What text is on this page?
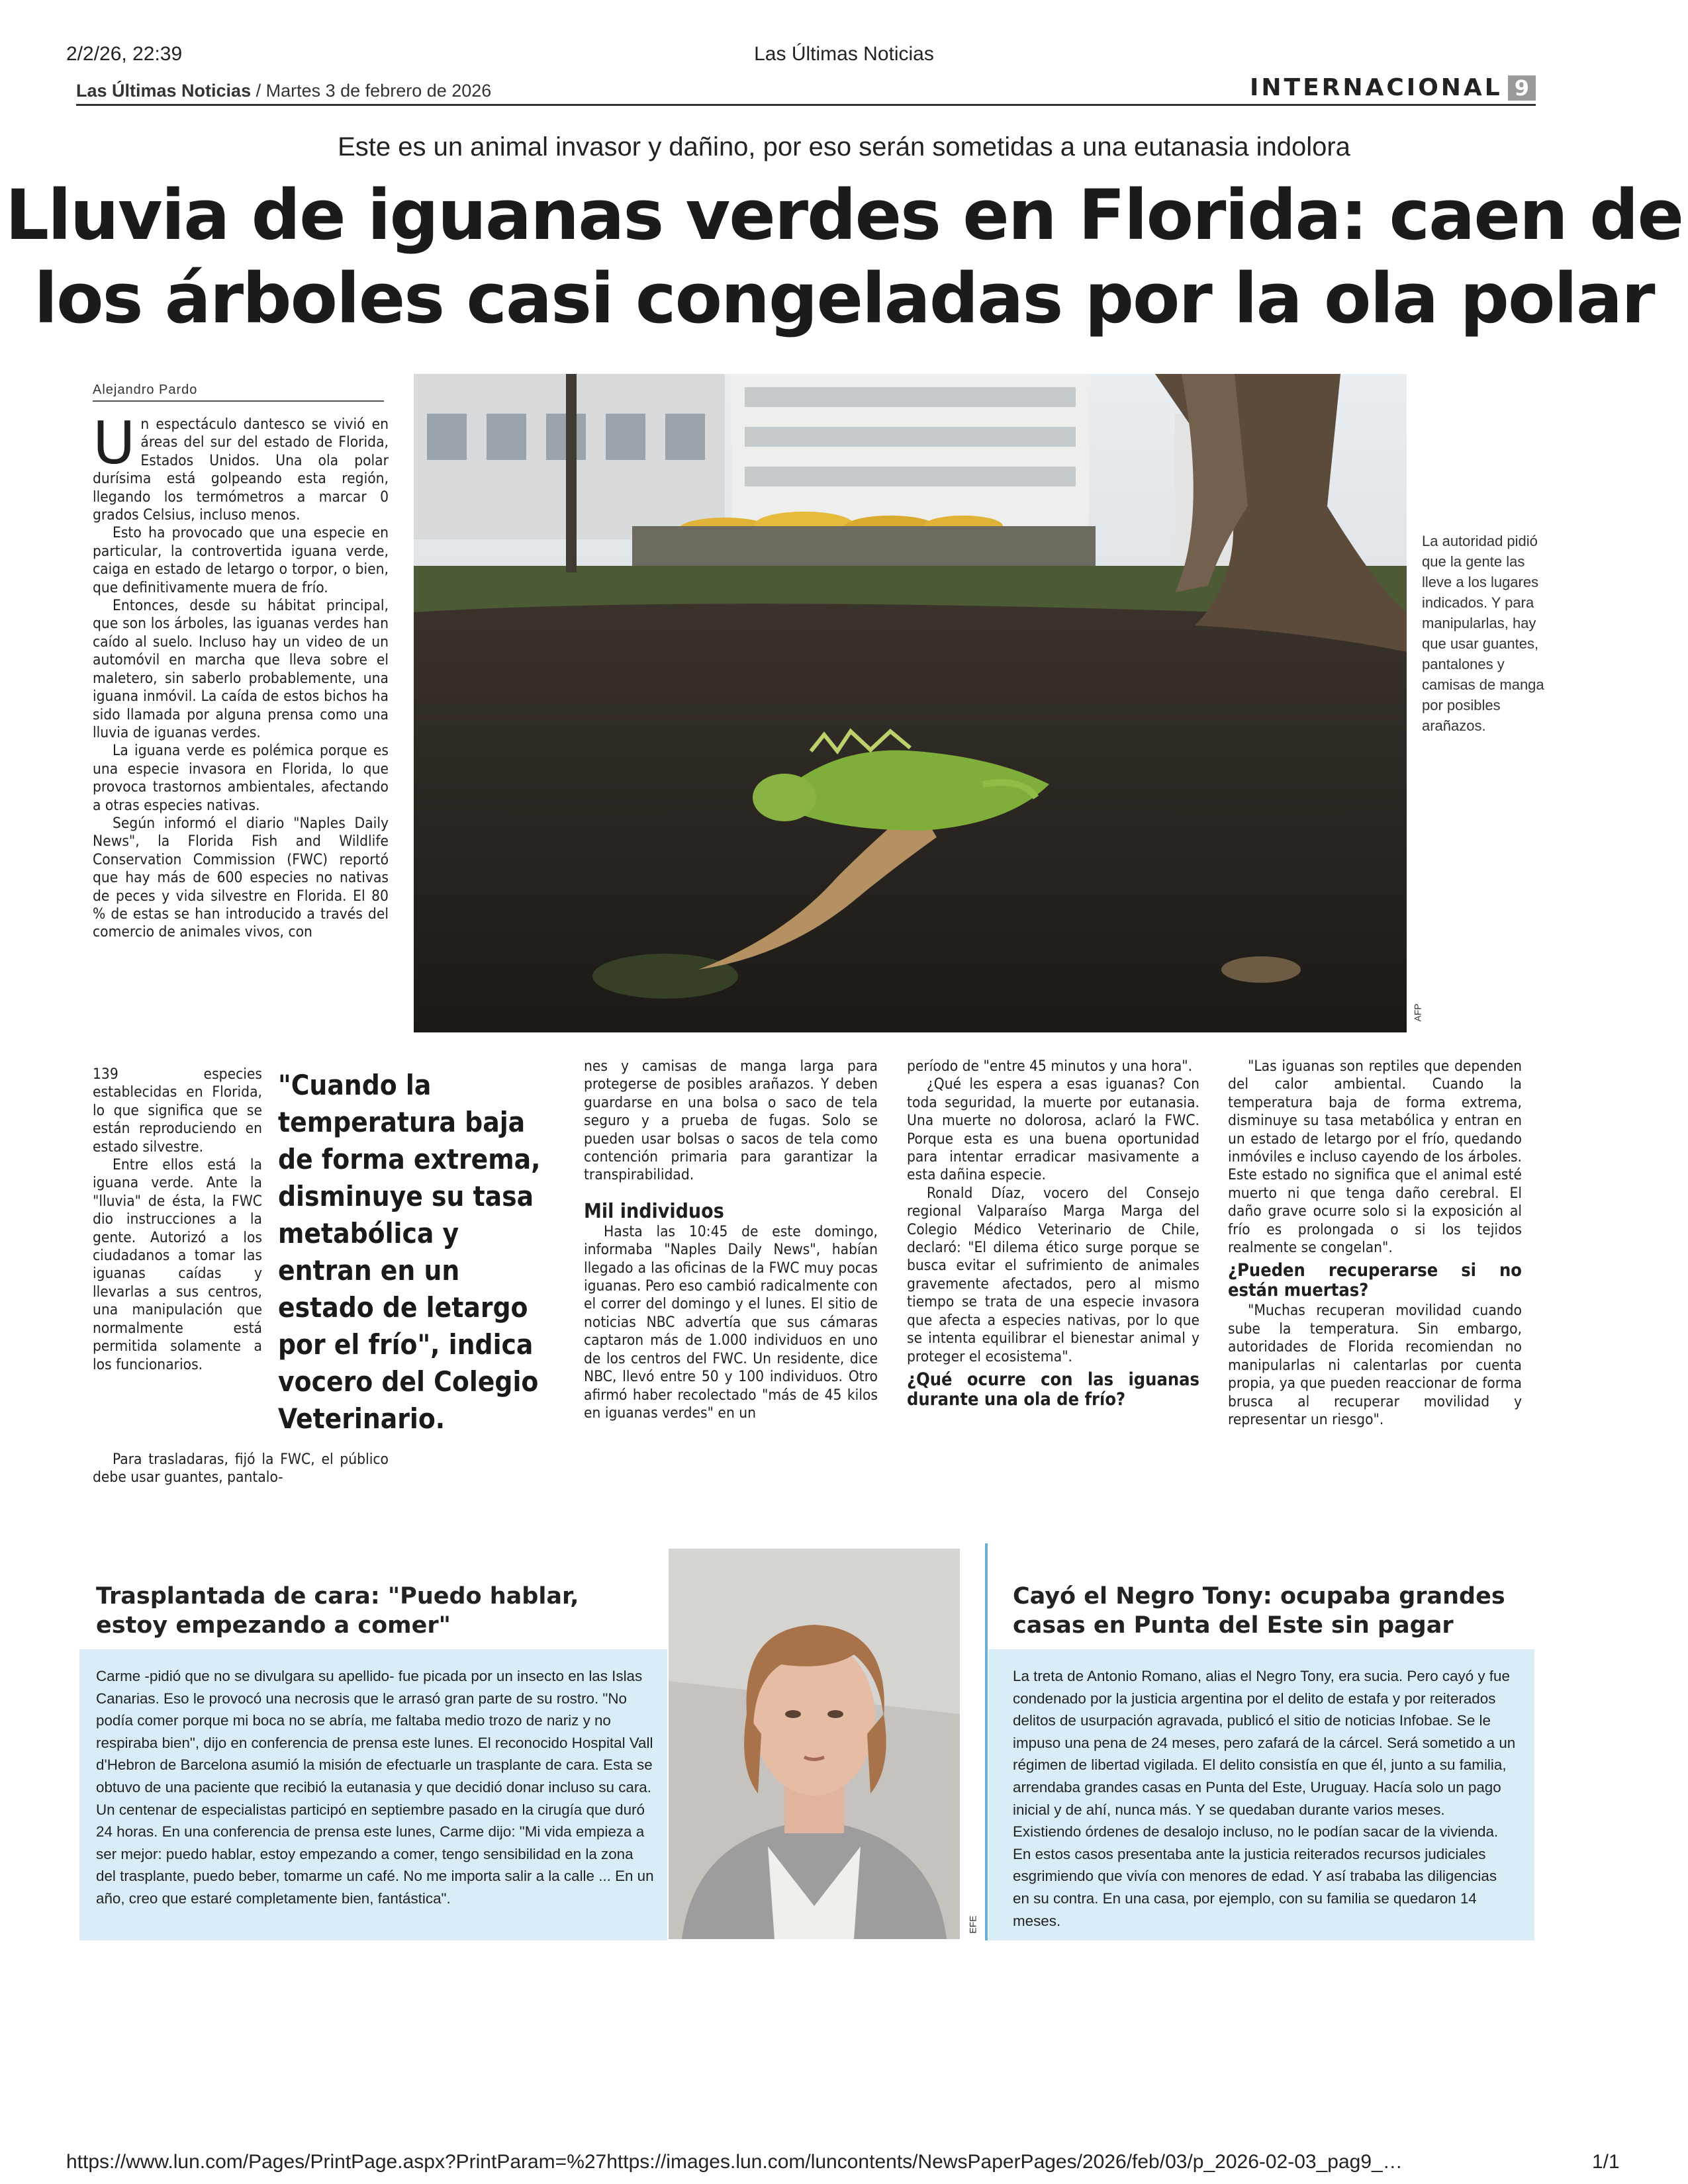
2/2/26, 22:39	Las Últimas Noticias
Las Últimas Noticias / Martes 3 de febrero de 2026	INTERNACIONAL 9
Este es un animal invasor y dañino, por eso serán sometidas a una eutanasia indolora
Lluvia de iguanas verdes en Florida: caen de
los árboles casi congeladas por la ola polar
Alejandro Pardo

Un espectáculo dantesco se vivió en áreas del sur del estado de Florida, Estados Unidos. Una ola polar durísima está golpeando esta región, llegando los termómetros a marcar 0 grados Celsius, incluso menos.

Esto ha provocado que una especie en particular, la controvertida iguana verde, caiga en estado de letargo o torpor, o bien, que definitivamente muera de frío.

Entonces, desde su hábitat principal, que son los árboles, las iguanas verdes han caído al suelo. Incluso hay un video de un automóvil en marcha que lleva sobre el maletero, sin saberlo probablemente, una iguana inmóvil. La caída de estos bichos ha sido llamada por alguna prensa como una lluvia de iguanas verdes.

La iguana verde es polémica porque es una especie invasora en Florida, lo que provoca trastornos ambientales, afectando a otras especies nativas.

Según informó el diario "Naples Daily News", la Florida Fish and Wildlife Conservation Commission (FWC) reportó que hay más de 600 especies no nativas de peces y vida silvestre en Florida. El 80 % de estas se han introducido a través del comercio de animales vivos, con

139 especies establecidas en Florida, lo que significa que se están reproduciendo en estado silvestre.

Entre ellos está la iguana verde. Ante la "lluvia" de ésta, la FWC dio instrucciones a la gente. Autorizó a los ciudadanos a tomar las iguanas caídas y llevarlas a sus centros, una manipulación que normalmente está permitida solamente a los funcionarios.

Para trasladaras, fijó la FWC, el público debe usar guantes, pantalo-

"Cuando la temperatura baja de forma extrema, disminuye su tasa metabólica y entran en un estado de letargo por el frío", indica vocero del Colegio Veterinario.
AFP
La autoridad pidió que la gente las lleve a los lugares indicados. Y para manipularlas, hay que usar guantes, pantalones y camisas de manga por posibles arañazos.

nes y camisas de manga larga para protegerse de posibles arañazos. Y deben guardarse en una bolsa o saco de tela seguro y a prueba de fugas. Solo se pueden usar bolsas o sacos de tela como contención primaria para garantizar la transpirabilidad.

Mil individuos

Hasta las 10:45 de este domingo, informaba "Naples Daily News", habían llegado a las oficinas de la FWC muy pocas iguanas. Pero eso cambió radicalmente con el correr del domingo y el lunes. El sitio de noticias NBC advertía que sus cámaras captaron más de 1.000 individuos en uno de los centros del FWC. Un residente, dice NBC, llevó entre 50 y 100 individuos. Otro afirmó haber recolectado "más de 45 kilos en iguanas verdes" en un

período de "entre 45 minutos y una hora".

¿Qué les espera a esas iguanas? Con toda seguridad, la muerte por eutanasia. Una muerte no dolorosa, aclaró la FWC. Porque esta es una buena oportunidad para intentar erradicar masivamente a esta dañina especie.

Ronald Díaz, vocero del Consejo regional Valparaíso Marga Marga del Colegio Médico Veterinario de Chile, declaró: "El dilema ético surge porque se busca evitar el sufrimiento de animales gravemente afectados, pero al mismo tiempo se trata de una especie invasora que afecta a especies nativas, por lo que se intenta equilibrar el bienestar animal y proteger el ecosistema".

¿Qué ocurre con las iguanas durante una ola de frío?

"Las iguanas son reptiles que dependen del calor ambiental. Cuando la temperatura baja de forma extrema, disminuye su tasa metabólica y entran en un estado de letargo por el frío, quedando inmóviles e incluso cayendo de los árboles. Este estado no significa que el animal esté muerto ni que tenga daño cerebral. El daño grave ocurre solo si la exposición al frío es prolongada o si los tejidos realmente se congelan".

¿Pueden recuperarse si no están muertas?

"Muchas recuperan movilidad cuando sube la temperatura. Sin embargo, autoridades de Florida recomiendan no manipularlas ni calentarlas por cuenta propia, ya que pueden reaccionar de forma brusca al recuperar movilidad y representar un riesgo".

Trasplantada de cara: "Puedo hablar, estoy empezando a comer"
Carme -pidió que no se divulgara su apellido- fue picada por un insecto en las Islas Canarias. Eso le provocó una necrosis que le arrasó gran parte de su rostro. "No podía comer porque mi boca no se abría, me faltaba medio trozo de nariz y no respiraba bien", dijo en conferencia de prensa este lunes. El reconocido Hospital Vall d'Hebron de Barcelona asumió la misión de efectuarle un trasplante de cara. Esta se obtuvo de una paciente que recibió la eutanasia y que decidió donar incluso su cara. Un centenar de especialistas participó en septiembre pasado en la cirugía que duró 24 horas. En una conferencia de prensa este lunes, Carme dijo: "Mi vida empieza a ser mejor: puedo hablar, estoy empezando a comer, tengo sensibilidad en la zona del trasplante, puedo beber, tomarme un café. No me importa salir a la calle ... En un año, creo que estaré completamente bien, fantástica".
EFE
Cayó el Negro Tony: ocupaba grandes casas en Punta del Este sin pagar
La treta de Antonio Romano, alias el Negro Tony, era sucia. Pero cayó y fue condenado por la justicia argentina por el delito de estafa y por reiterados delitos de usurpación agravada, publicó el sitio de noticias Infobae. Se le impuso una pena de 24 meses, pero zafará de la cárcel. Será sometido a un régimen de libertad vigilada. El delito consistía en que él, junto a su familia, arrendaba grandes casas en Punta del Este, Uruguay. Hacía solo un pago inicial y de ahí, nunca más. Y se quedaban durante varios meses. Existiendo órdenes de desalojo incluso, no le podían sacar de la vivienda. En estos casos presentaba ante la justicia reiterados recursos judiciales esgrimiendo que vivía con menores de edad. Y así trababa las diligencias en su contra. En una casa, por ejemplo, con su familia se quedaron 14 meses.
https://www.lun.com/Pages/PrintPage.aspx?PrintParam=%27https://images.lun.com/luncontents/NewsPaperPages/2026/feb/03/p_2026-02-03_pag9_…	1/1
